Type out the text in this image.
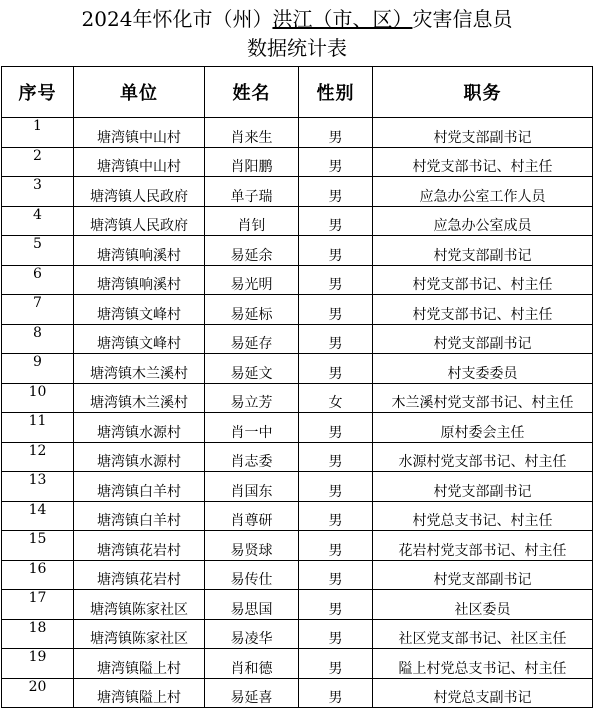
2024年怀化市（州）洪江（市、区）灾害信息员
数据统计表
序号	单位	姓名	性别	职务
1	塘湾镇中山村	肖来生	男	村党支部副书记
2	塘湾镇中山村	肖阳鹏	男	村党支部书记、村主任
3	塘湾镇人民政府	单子瑞	男	应急办公室工作人员
4	塘湾镇人民政府	肖钊	男	应急办公室成员
5	塘湾镇响溪村	易延余	男	村党支部副书记
6	塘湾镇响溪村	易光明	男	村党支部书记、村主任
7	塘湾镇文峰村	易延标	男	村党支部书记、村主任
8	塘湾镇文峰村	易延存	男	村党支部副书记
9	塘湾镇木兰溪村	易延文	男	村支委委员
10	塘湾镇木兰溪村	易立芳	女	木兰溪村党支部书记、村主任
11	塘湾镇水源村	肖一中	男	原村委会主任
12	塘湾镇水源村	肖志委	男	水源村党支部书记、村主任
13	塘湾镇白羊村	肖国东	男	村党支部副书记
14	塘湾镇白羊村	肖尊研	男	村党总支书记、村主任
15	塘湾镇花岩村	易贤球	男	花岩村党支部书记、村主任
16	塘湾镇花岩村	易传仕	男	村党支部副书记
17	塘湾镇陈家社区	易思国	男	社区委员
18	塘湾镇陈家社区	易凌华	男	社区党支部书记、社区主任
19	塘湾镇隘上村	肖和德	男	隘上村党总支书记、村主任
20	塘湾镇隘上村	易延喜	男	村党总支副书记
